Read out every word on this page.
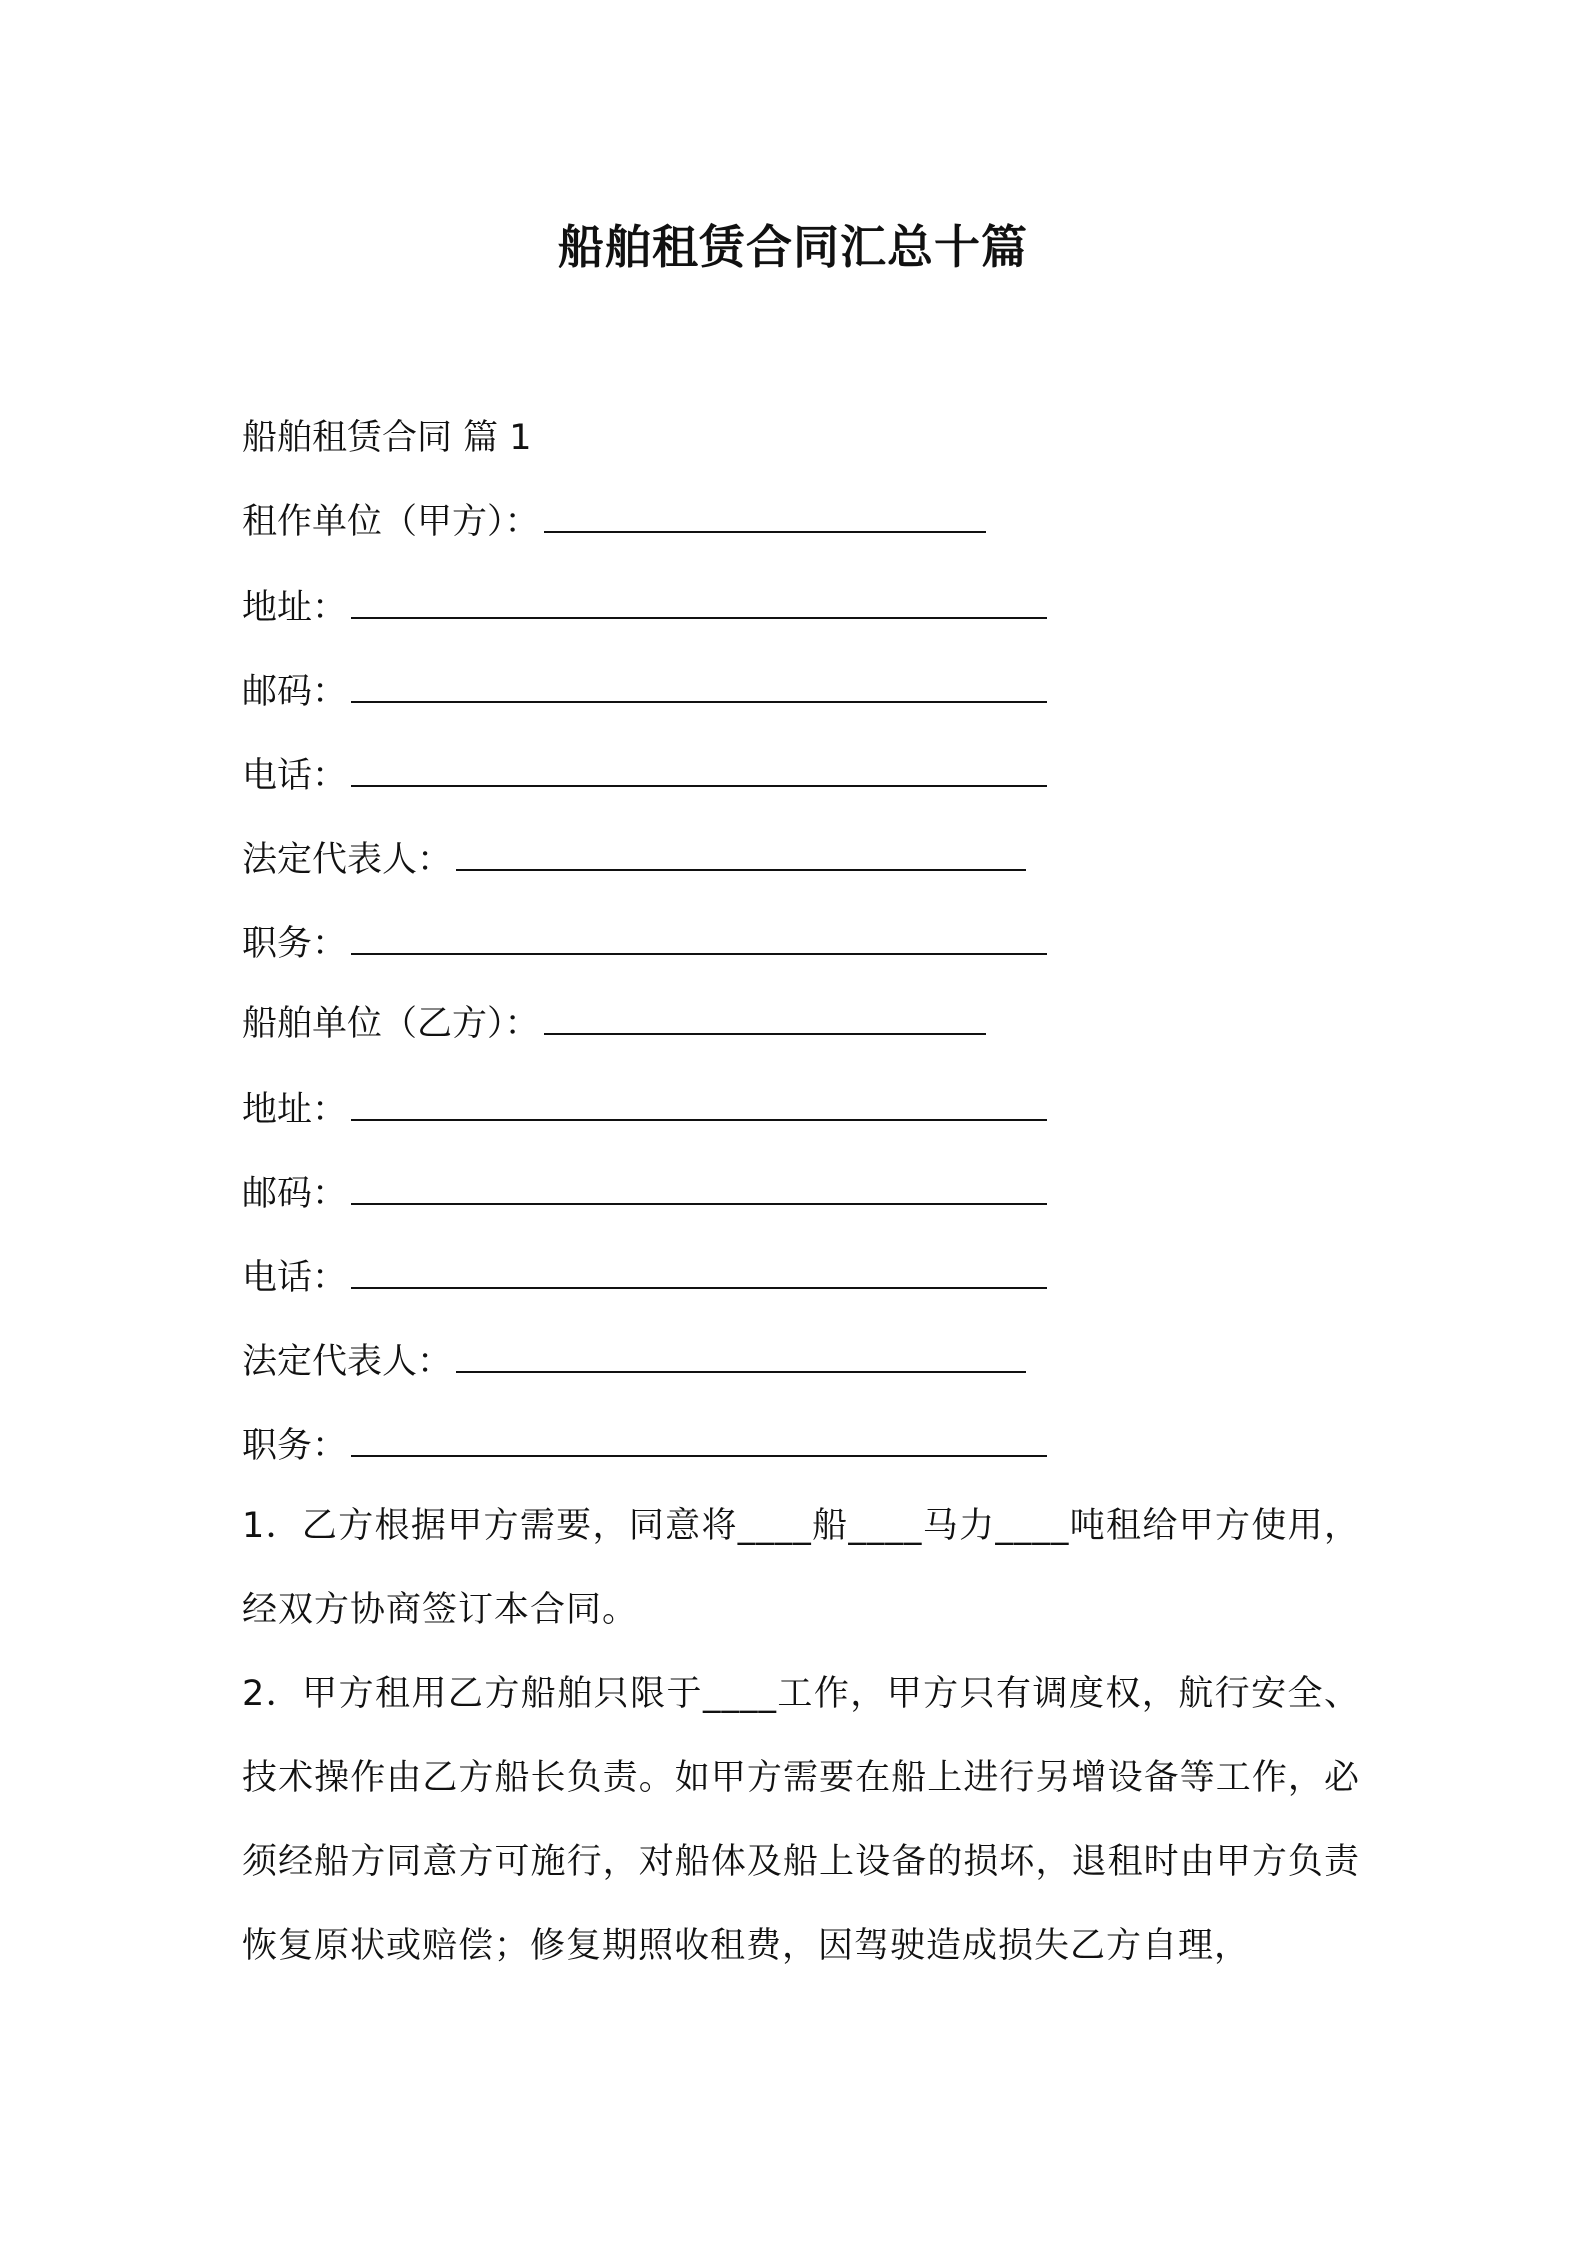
船舶租赁合同汇总十篇
船舶租赁合同 篇 1
租作单位（甲方）：
地址：
邮码：
电话：
法定代表人：
职务：
船舶单位（乙方）：
地址：
邮码：
电话：
法定代表人：
职务：

1．乙方根据甲方需要，同意将____船____马力____吨租给甲方使用，经双方协商签订本合同。

2．甲方租用乙方船舶只限于____工作，甲方只有调度权，航行安全、技术操作由乙方船长负责。如甲方需要在船上进行另增设备等工作，必须经船方同意方可施行，对船体及船上设备的损坏，退租时由甲方负责恢复原状或赔偿；修复期照收租费，因驾驶造成损失乙方自理，
